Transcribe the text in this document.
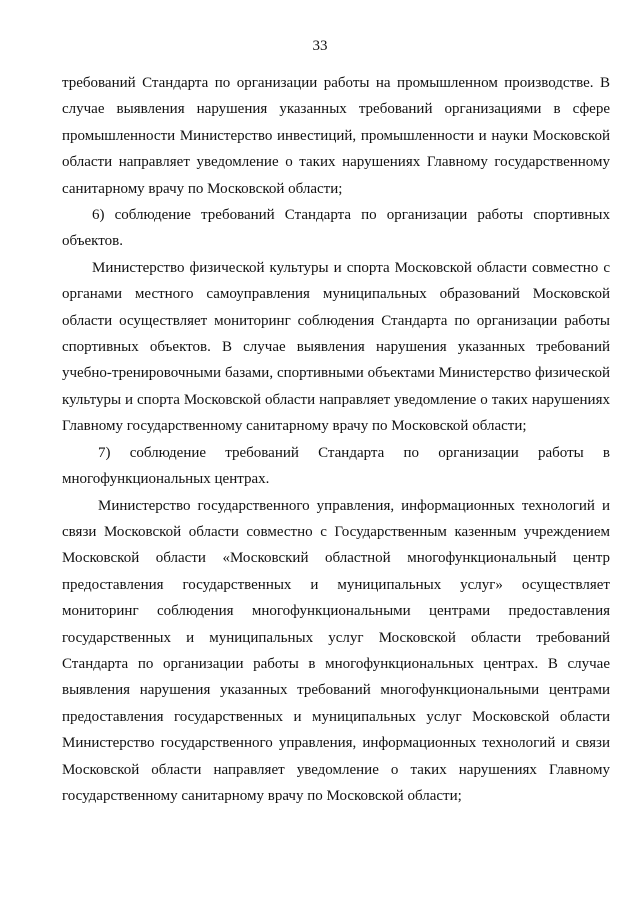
33

требований Стандарта по организации работы на промышленном производстве. В случае выявления нарушения указанных требований организациями в сфере промышленности Министерство инвестиций, промышленности и науки Московской области направляет уведомление о таких нарушениях Главному государственному санитарному врачу по Московской области;

6) соблюдение требований Стандарта по организации работы спортивных объектов.

Министерство физической культуры и спорта Московской области совместно с органами местного самоуправления муниципальных образований Московской области осуществляет мониторинг соблюдения Стандарта по организации работы спортивных объектов. В случае выявления нарушения указанных требований учебно-тренировочными базами, спортивными объектами Министерство физической культуры и спорта Московской области направляет уведомление о таких нарушениях Главному государственному санитарному врачу по Московской области;

7) соблюдение требований Стандарта по организации работы в многофункциональных центрах.

Министерство государственного управления, информационных технологий и связи Московской области совместно с Государственным казенным учреждением Московской области «Московский областной многофункциональный центр предоставления государственных и муниципальных услуг» осуществляет мониторинг соблюдения многофункциональными центрами предоставления государственных и муниципальных услуг Московской области требований Стандарта по организации работы в многофункциональных центрах. В случае выявления нарушения указанных требований многофункциональными центрами предоставления государственных и муниципальных услуг Московской области Министерство государственного управления, информационных технологий и связи Московской области направляет уведомление о таких нарушениях Главному государственному санитарному врачу по Московской области;
